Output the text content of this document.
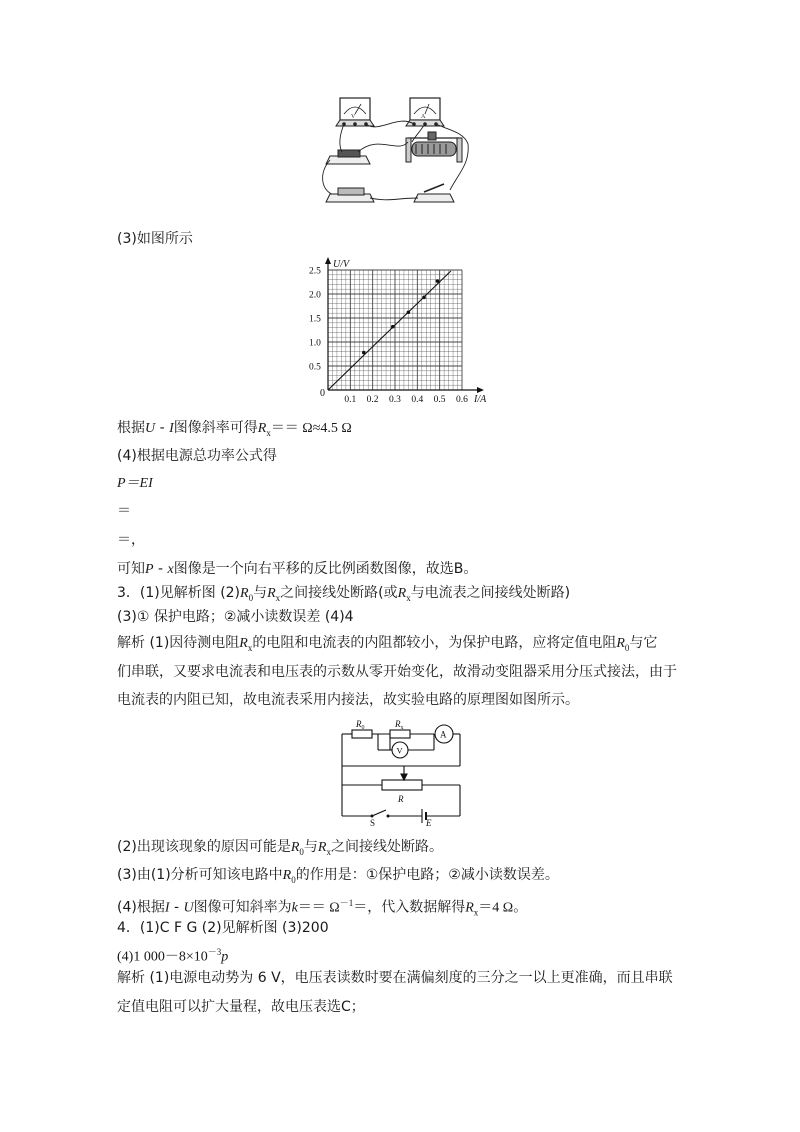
V	A
(3)如图所示
U/V
I/A
0
0.1 0.2 0.3 0.4 0.5 0.6
0.5
1.0
1.5
2.0
2.5
根据U - I图像斜率可得$R_x== \Omega\approx 4.5$ Ω
(4)根据电源总功率公式得
P＝EI
＝
＝，
可知P - x图像是一个向右平移的反比例函数图像，故选B。
3．(1)见解析图 $(2)R_0$与$R_x$之间接线处断路(或$R_x$与电流表之间接线处断路)
(3)① 保护电路；②减小读数误差 (4)4
解析 (1)因待测电阻$R_x$的电阻和电流表的内阻都较小，为保护电路，应将定值电阻$R_0$与它
们串联，又要求电流表和电压表的示数从零开始变化，故滑动变阻器采用分压式接法，由于
电流表的内阻已知，故电流表采用内接法，故实验电路的原理图如图所示。
$R_0$	$R_x$
A
V
R
S	E
(2)出现该现象的原因可能是$R_0$与$R_x$之间接线处断路。
(3)由(1)分析可知该电路中$R_0$的作用是：①保护电路；②减小读数误差。
(4)根据I - U图像可知斜率为$k== \Omega^{-1}=$，代入数据解得$R_x=4$ Ω。
4．(1)C F G (2)见解析图 (3)200
(4)1 $000-8\times 10^{-3}p$
解析 (1)电源电动势为 6 V，电压表读数时要在满偏刻度的三分之一以上更准确，而且串联
定值电阻可以扩大量程，故电压表选C；
